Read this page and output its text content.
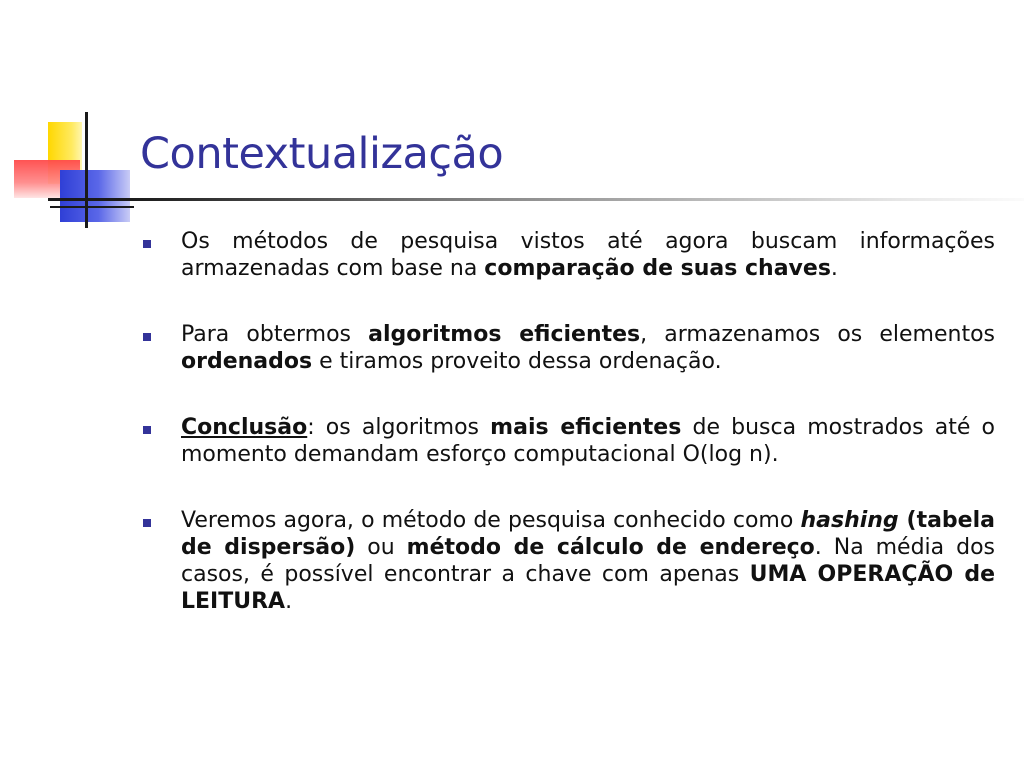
Contextualização
Os métodos de pesquisa vistos até agora buscam informações armazenadas com base na comparação de suas chaves.
Para obtermos algoritmos eficientes, armazenamos os elementos ordenados e tiramos proveito dessa ordenação.
Conclusão: os algoritmos mais eficientes de busca mostrados até o momento demandam esforço computacional O(log n).
Veremos agora, o método de pesquisa conhecido como hashing (tabela de dispersão) ou método de cálculo de endereço. Na média dos casos, é possível encontrar a chave com apenas UMA OPERAÇÃO de LEITURA.
